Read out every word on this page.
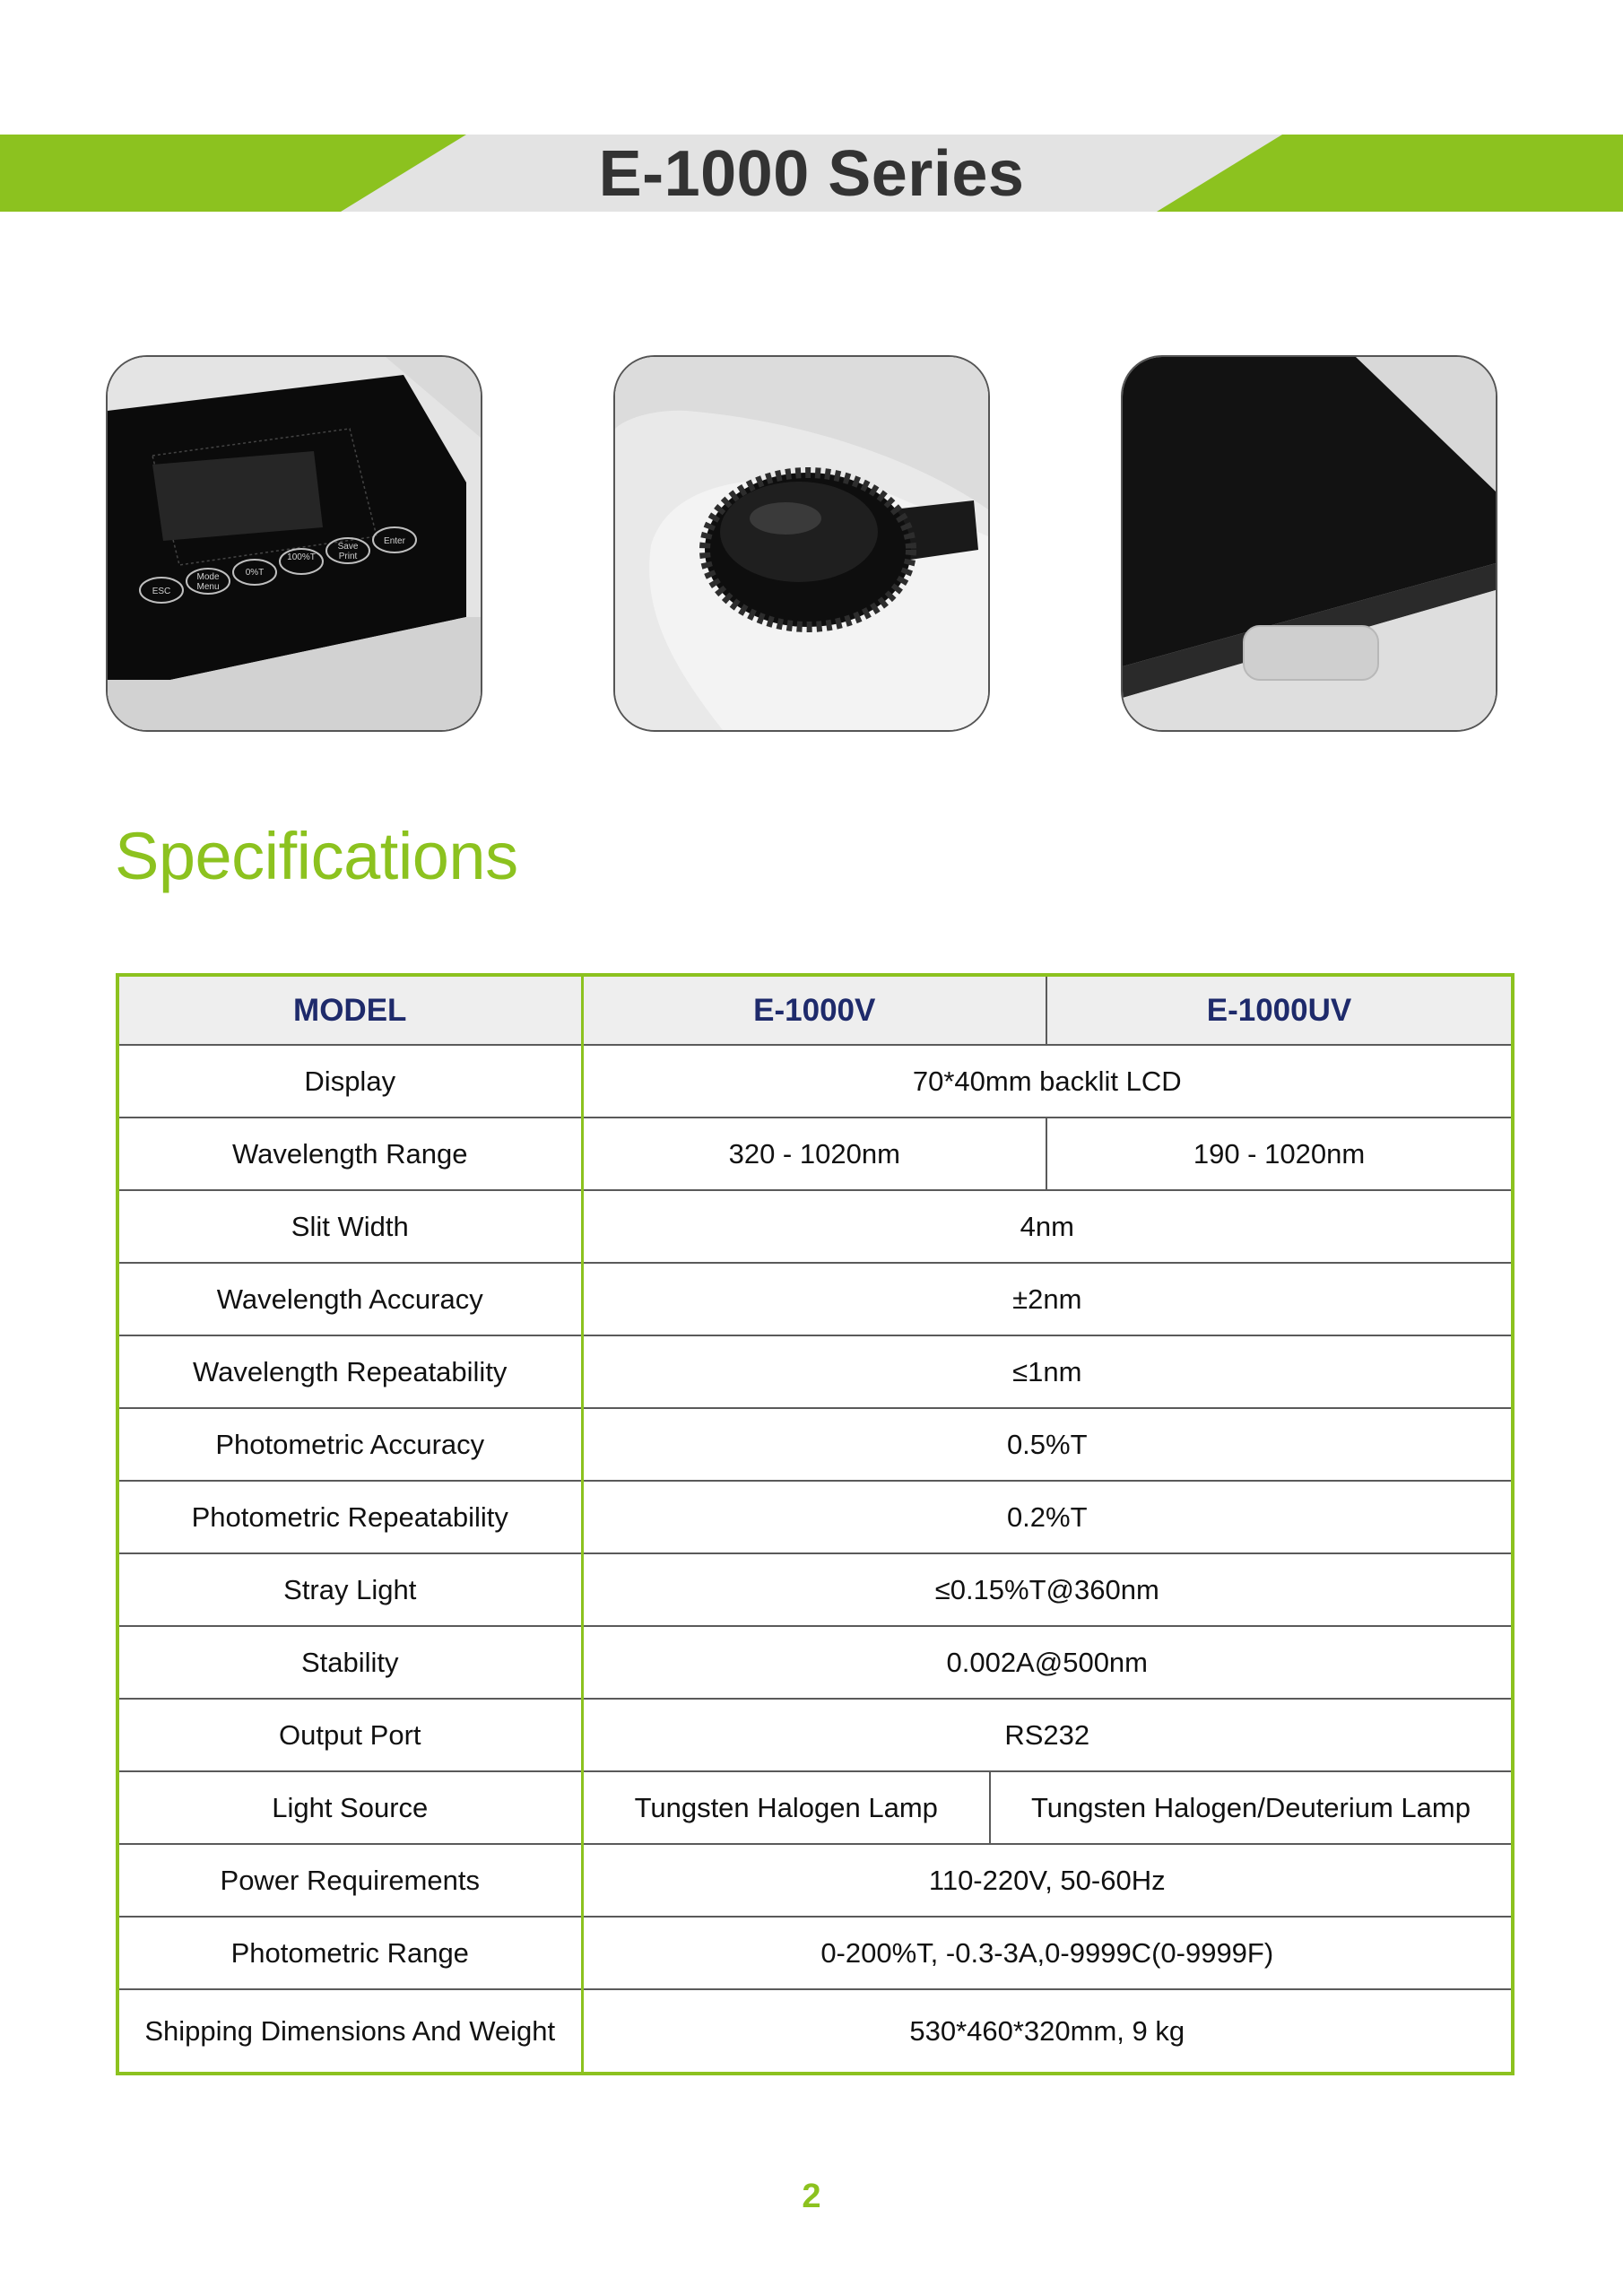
E-1000 Series
ESC
Mode
Menu
0%T
100%T
Save
Print
Enter
Specifications
MODEL	E-1000V		E-1000UV
Display	70*40mm backlit LCD		
Wavelength Range	320 - 1020nm		190 - 1020nm
Slit Width	4nm		
Wavelength Accuracy	±2nm		
Wavelength Repeatability	≤1nm		
Photometric Accuracy	0.5%T		
Photometric Repeatability	0.2%T		
Stray Light	≤0.15%T@360nm		
Stability	0.002A@500nm		
Output Port	RS232		
Light Source	Tungsten Halogen Lamp	Tungsten Halogen/Deuterium Lamp	
Power Requirements	110-220V, 50-60Hz		
Photometric Range	0-200%T, -0.3-3A,0-9999C(0-9999F)		
Shipping Dimensions And Weight	530*460*320mm, 9 kg		
2
